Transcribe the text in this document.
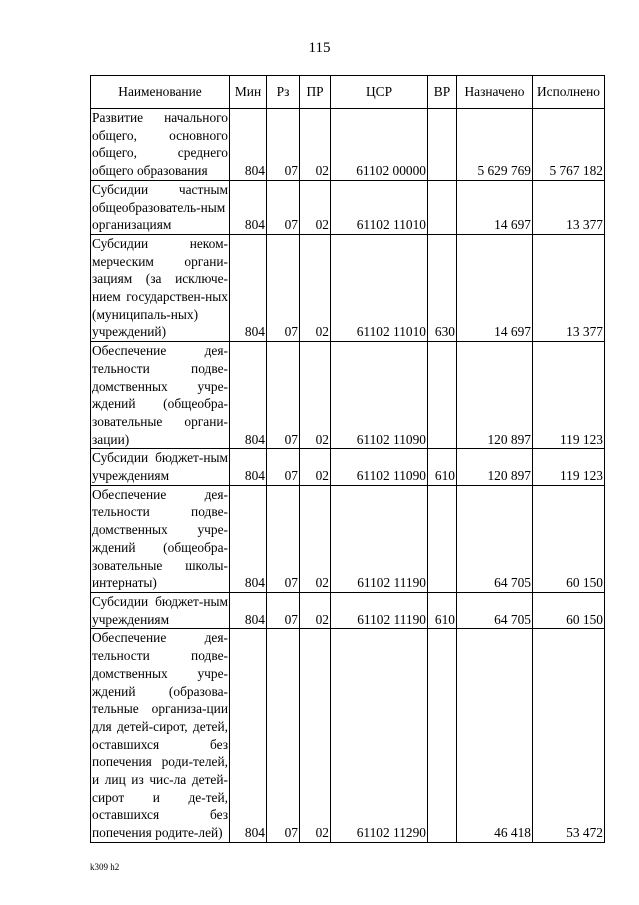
115
Наименование	Мин	Рз	ПР	ЦСР	ВР	Назначено	Исполнено
Развитие начального общего, основного общего, среднего общего образования	804	07	02	61102 00000		5 629 769	5 767 182
Субсидии частным общеобразователь-ным организациям	804	07	02	61102 11010		14 697	13 377
Субсидии неком-мерческим органи-зациям (за исключе-нием государствен-ных (муниципаль-ных) учреждений)	804	07	02	61102 11010	630	14 697	13 377
Обеспечение дея-тельности подве-домственных учре-ждений (общеобра-зовательные органи-зации)	804	07	02	61102 11090		120 897	119 123
Субсидии бюджет-ным учреждениям	804	07	02	61102 11090	610	120 897	119 123
Обеспечение дея-тельности подве-домственных учре-ждений (общеобра-зовательные школы-интернаты)	804	07	02	61102 11190		64 705	60 150
Субсидии бюджет-ным учреждениям	804	07	02	61102 11190	610	64 705	60 150
Обеспечение дея-тельности подве-домственных учре-ждений (образова-тельные организа-ции для детей-сирот, детей, оставшихся без попечения роди-телей, и лиц из чис-ла детей-сирот и де-тей, оставшихся без попечения родите-лей)	804	07	02	61102 11290		46 418	53 472
k309 h2
